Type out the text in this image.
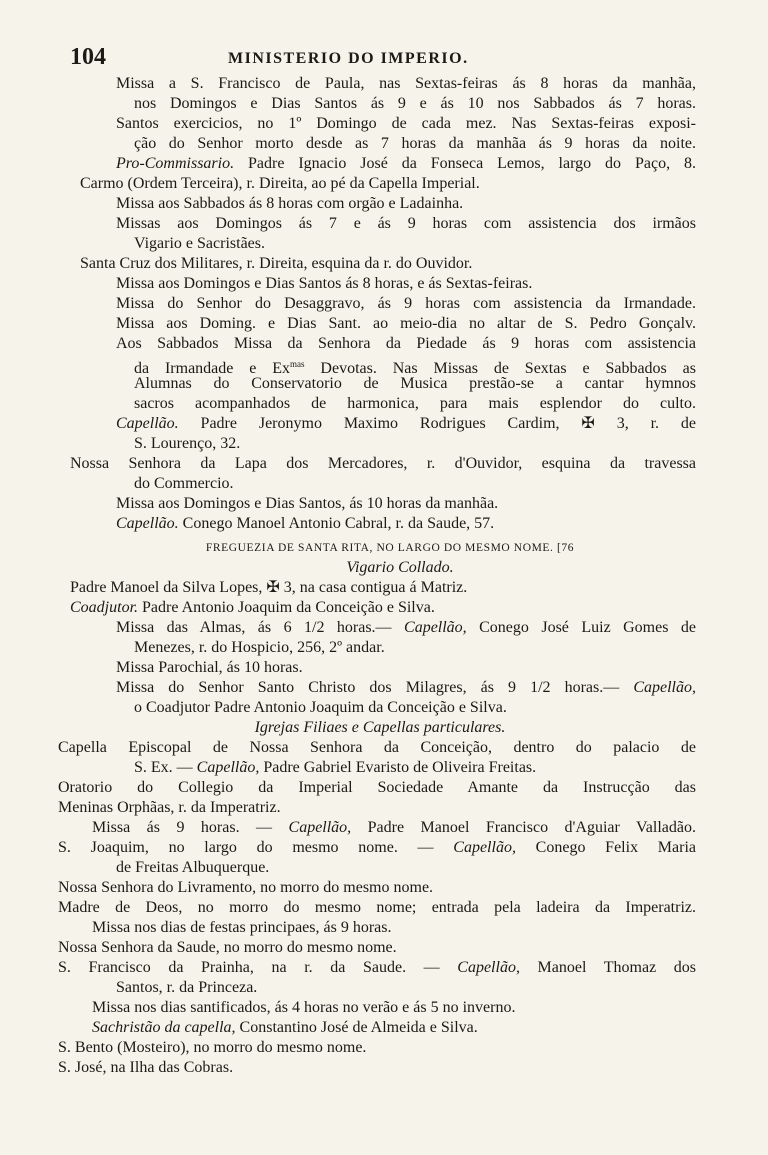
104	MINISTERIO DO IMPERIO.
Missa a S. Francisco de Paula, nas Sextas-feiras ás 8 horas da manhãa,
nos Domingos e Dias Santos ás 9 e ás 10 nos Sabbados ás 7 horas.
Santos exercicios, no 1º Domingo de cada mez. Nas Sextas-feiras exposi-
ção do Senhor morto desde as 7 horas da manhãa ás 9 horas da noite.
Pro-Commissario. Padre Ignacio José da Fonseca Lemos, largo do Paço, 8.
Carmo (Ordem Terceira), r. Direita, ao pé da Capella Imperial.
Missa aos Sabbados ás 8 horas com orgão e Ladainha.
Missas aos Domingos ás 7 e ás 9 horas com assistencia dos irmãos
Vigario e Sacristães.
Santa Cruz dos Militares, r. Direita, esquina da r. do Ouvidor.
Missa aos Domingos e Dias Santos ás 8 horas, e ás Sextas-feiras.
Missa do Senhor do Desaggravo, ás 9 horas com assistencia da Irmandade.
Missa aos Doming. e Dias Sant. ao meio-dia no altar de S. Pedro Gonçalv.
Aos Sabbados Missa da Senhora da Piedade ás 9 horas com assistencia
da Irmandade e $Ex^{mas}$ Devotas. Nas Missas de Sextas e Sabbados as
Alumnas do Conservatorio de Musica prestão-se a cantar hymnos
sacros acompanhados de harmonica, para mais esplendor do culto.
Capellão. Padre Jeronymo Maximo Rodrigues Cardim, ✠ 3, r. de
S. Lourenço, 32.
Nossa Senhora da Lapa dos Mercadores, r. d'Ouvidor, esquina da travessa
do Commercio.
Missa aos Domingos e Dias Santos, ás 10 horas da manhãa.
Capellão. Conego Manoel Antonio Cabral, r. da Saude, 57.
FREGUEZIA DE SANTA RITA, NO LARGO DO MESMO NOME. [76
Vigario Collado.
Padre Manoel da Silva Lopes, ✠ 3, na casa contigua á Matriz.
Coadjutor. Padre Antonio Joaquim da Conceição e Silva.
Missa das Almas, ás 6 1/2 horas.— Capellão, Conego José Luiz Gomes de
Menezes, r. do Hospicio, 256, 2º andar.
Missa Parochial, ás 10 horas.
Missa do Senhor Santo Christo dos Milagres, ás 9 1/2 horas.— Capellão,
o Coadjutor Padre Antonio Joaquim da Conceição e Silva.
Igrejas Filiaes e Capellas particulares.
Capella Episcopal de Nossa Senhora da Conceição, dentro do palacio de
S. Ex. — Capellão, Padre Gabriel Evaristo de Oliveira Freitas.
Oratorio do Collegio da Imperial Sociedade Amante da Instrucção das
Meninas Orphãas, r. da Imperatriz.
Missa ás 9 horas. — Capellão, Padre Manoel Francisco d'Aguiar Valladão.
S. Joaquim, no largo do mesmo nome. — Capellão, Conego Felix Maria
de Freitas Albuquerque.
Nossa Senhora do Livramento, no morro do mesmo nome.
Madre de Deos, no morro do mesmo nome; entrada pela ladeira da Imperatriz.
Missa nos dias de festas principaes, ás 9 horas.
Nossa Senhora da Saude, no morro do mesmo nome.
S. Francisco da Prainha, na r. da Saude. — Capellão, Manoel Thomaz dos
Santos, r. da Princeza.
Missa nos dias santificados, ás 4 horas no verão e ás 5 no inverno.
Sachristão da capella, Constantino José de Almeida e Silva.
S. Bento (Mosteiro), no morro do mesmo nome.
S. José, na Ilha das Cobras.
